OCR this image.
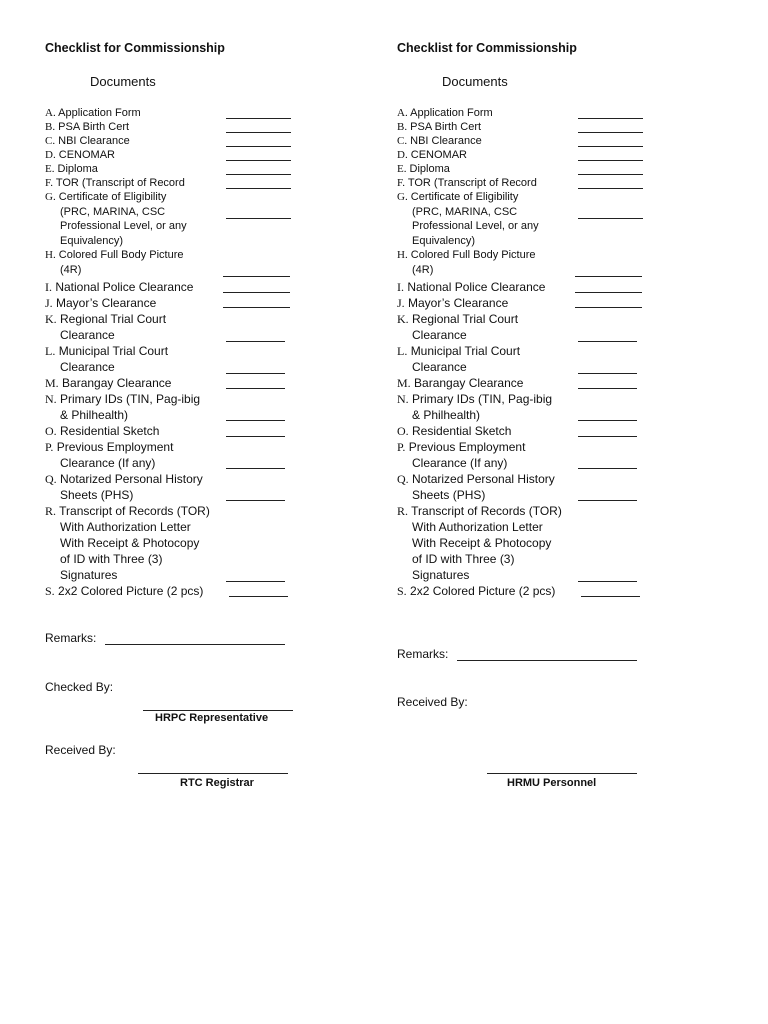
Checklist for Commissionship
Documents
A. Application Form
B. PSA Birth Cert
C. NBI Clearance
D. CENOMAR
E. Diploma
F. TOR (Transcript of Record
G. Certificate of Eligibility
(PRC, MARINA, CSC
Professional Level, or any
Equivalency)
H. Colored Full Body Picture
(4R)
I. National Police Clearance
J. Mayor’s Clearance
K. Regional Trial Court
Clearance
L. Municipal Trial Court
Clearance
M. Barangay Clearance
N. Primary IDs (TIN, Pag-ibig
& Philhealth)
O. Residential Sketch
P. Previous Employment
Clearance (If any)
Q. Notarized Personal History
Sheets (PHS)
R. Transcript of Records (TOR)
With Authorization Letter
With Receipt & Photocopy
of ID with Three (3)
Signatures
S. 2x2 Colored Picture (2 pcs)
Remarks:
Checked By:
HRPC Representative
Received By:
RTC Registrar
Checklist for Commissionship
Documents
A. Application Form
B. PSA Birth Cert
C. NBI Clearance
D. CENOMAR
E. Diploma
F. TOR (Transcript of Record
G. Certificate of Eligibility
(PRC, MARINA, CSC
Professional Level, or any
Equivalency)
H. Colored Full Body Picture
(4R)
I. National Police Clearance
J. Mayor’s Clearance
K. Regional Trial Court
Clearance
L. Municipal Trial Court
Clearance
M. Barangay Clearance
N. Primary IDs (TIN, Pag-ibig
& Philhealth)
O. Residential Sketch
P. Previous Employment
Clearance (If any)
Q. Notarized Personal History
Sheets (PHS)
R. Transcript of Records (TOR)
With Authorization Letter
With Receipt & Photocopy
of ID with Three (3)
Signatures
S. 2x2 Colored Picture (2 pcs)
Remarks:
Received By:
HRMU Personnel
